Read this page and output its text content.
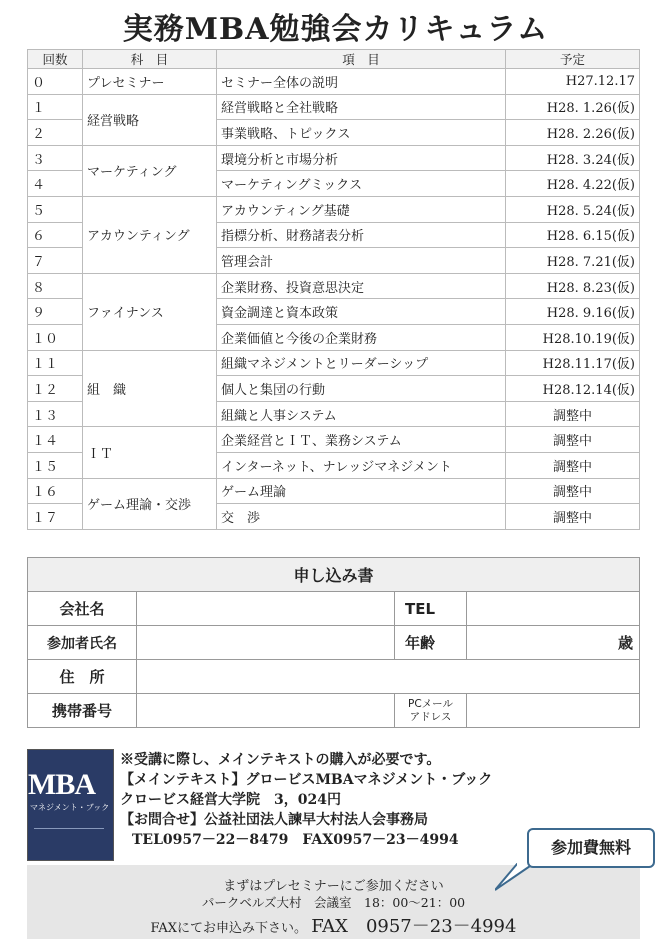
実務MBA勉強会カリキュラム
回数	科　目	項　目	予定
０	プレセミナー	セミナー全体の説明	H27.12.17
１	経営戦略	経営戦略と全社戦略	H28. 1.26(仮)
２		事業戦略、トピックス	H28. 2.26(仮)
３	マーケティング	環境分析と市場分析	H28. 3.24(仮)
４		マーケティングミックス	H28. 4.22(仮)
５	アカウンティング	アカウンティング基礎	H28. 5.24(仮)
６		指標分析、財務諸表分析	H28. 6.15(仮)
７		管理会計	H28. 7.21(仮)
８	ファイナンス	企業財務、投資意思決定	H28. 8.23(仮)
９		資金調達と資本政策	H28. 9.16(仮)
１０		企業価値と今後の企業財務	H28.10.19(仮)
１１	組　織	組織マネジメントとリーダーシップ	H28.11.17(仮)
１２		個人と集団の行動	H28.12.14(仮)
１３		組織と人事システム	調整中
１４	ＩＴ	企業経営とＩＴ、業務システム	調整中
１５		インターネット、ナレッジマネジメント	調整中
１６	ゲーム理論・交渉	ゲーム理論	調整中
１７		交　渉	調整中
申し込み書			
会社名		TEL	
参加者氏名		年齢	歳
住　所			
携帯番号		PCメール
アドレス	

MBA
マネジメント・ブック
※受講に際し、メインテキストの購入が必要です。
【メインテキスト】グロービスMBAマネジメント・ブック
クロービス経営大学院　3，024円
【お問合せ】公益社団法人諫早大村法人会事務局
TEL0957－22－8479　FAX0957－23－4994
まずはプレセミナーにご参加ください
パークベルズ大村　会議室　18：00～21：00
FAXにてお申込み下さい。 FAX　0957－23－4994
参加費無料
